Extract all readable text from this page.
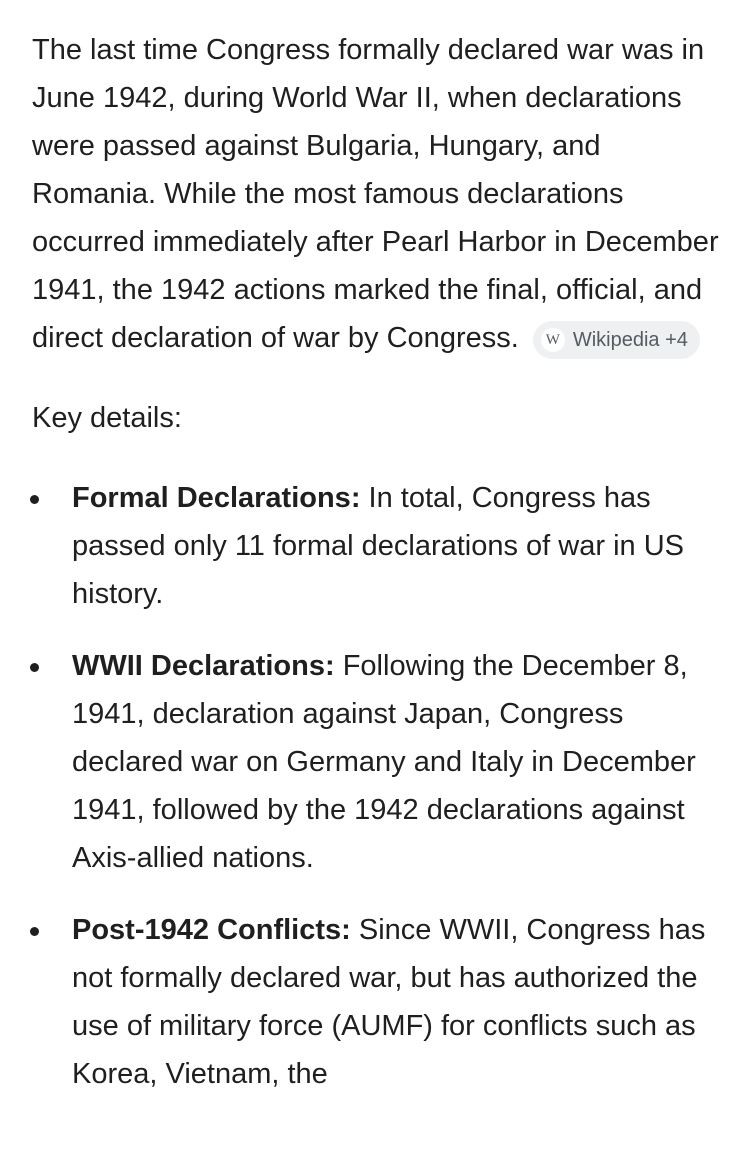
The last time Congress formally declared war was in June 1942, during World War II, when declarations were passed against Bulgaria, Hungary, and Romania. While the most famous declarations occurred immediately after Pearl Harbor in December 1941, the 1942 actions marked the final, official, and direct declaration of war by Congress.	W Wikipedia +4

Key details:

Formal Declarations: In total, Congress has passed only 11 formal declarations of war in US history.
WWII Declarations: Following the December 8, 1941, declaration against Japan, Congress declared war on Germany and Italy in December 1941, followed by the 1942 declarations against Axis-allied nations.
Post-1942 Conflicts: Since WWII, Congress has not formally declared war, but has authorized the use of military force (AUMF) for conflicts such as Korea, Vietnam, the
